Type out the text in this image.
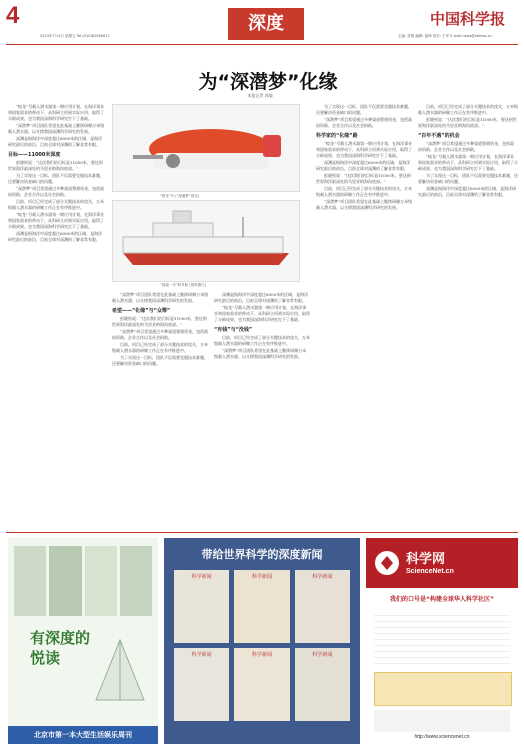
4
2014年7月4日 星期五 Tel:(010)62580617
深度	中国科学报
主编: 张明 编辑: 陆琦 校对: 王军 E-mail:news@stimes.cn
为“深潜梦”化缘
本报记者 郭瑜

“蛟龙”号载人潜水器第一期应用计划，在海洋事业和国家需求的带动下，从科研立项到实际应用，取得了丰硕成果，也为我国深海科学研究打下了基础。

“深潜梦”项目团队希望在此基础上继续研制万米级载人潜水器，以支撑我国深渊科学研究的发展。

深渊是指海洋中深度超过6000米的区域，是海洋研究最后的前沿，目前全球对深渊的了解非常有限。

目标——11000米深度

彭晓彤说：“这次我们的目标是11000米，要达到世界海洋最深处的马里亚纳海沟底部。”

为了实现这一目标，团队不仅需要克服技术难题，还要解决资金缺口的问题。

“深潜梦”项目希望通过多种渠道筹措资金，包括政府资助、企业合作以及社会捐助。

目前，项目已经完成了部分关键技术的攻关，万米级载人潜水器的研制工作正在有序推进中。

“蛟龙”号载人潜水器第一期应用计划，在海洋事业和国家需求的带动下，从科研立项到实际应用，取得了丰硕成果，也为我国深海科学研究打下了基础。

深渊是指海洋中深度超过6000米的区域，是海洋研究最后的前沿，目前全球对深渊的了解非常有限。

“蛟龙”号 (“深潜梦”项目)
“探索一号”科考船 (资料图片)

“深潜梦”项目团队希望在此基础上继续研制万米级载人潜水器，以支撑我国深渊科学研究的发展。

希望——“化缘”与“众筹”

彭晓彤说：“这次我们的目标是11000米，要达到世界海洋最深处的马里亚纳海沟底部。”

“深潜梦”项目希望通过多种渠道筹措资金，包括政府资助、企业合作以及社会捐助。

目前，项目已经完成了部分关键技术的攻关，万米级载人潜水器的研制工作正在有序推进中。

为了实现这一目标，团队不仅需要克服技术难题，还要解决资金缺口的问题。

深渊是指海洋中深度超过6000米的区域，是海洋研究最后的前沿，目前全球对深渊的了解非常有限。

“蛟龙”号载人潜水器第一期应用计划，在海洋事业和国家需求的带动下，从科研立项到实际应用，取得了丰硕成果，也为我国深海科学研究打下了基础。

“有钱”与“没钱”

目前，项目已经完成了部分关键技术的攻关，万米级载人潜水器的研制工作正在有序推进中。

“深潜梦”项目团队希望在此基础上继续研制万米级载人潜水器，以支撑我国深渊科学研究的发展。

为了实现这一目标，团队不仅需要克服技术难题，还要解决资金缺口的问题。

“深潜梦”项目希望通过多种渠道筹措资金，包括政府资助、企业合作以及社会捐助。

科学家的“化缘”路

“蛟龙”号载人潜水器第一期应用计划，在海洋事业和国家需求的带动下，从科研立项到实际应用，取得了丰硕成果，也为我国深海科学研究打下了基础。

深渊是指海洋中深度超过6000米的区域，是海洋研究最后的前沿，目前全球对深渊的了解非常有限。

彭晓彤说：“这次我们的目标是11000米，要达到世界海洋最深处的马里亚纳海沟底部。”

目前，项目已经完成了部分关键技术的攻关，万米级载人潜水器的研制工作正在有序推进中。

“深潜梦”项目团队希望在此基础上继续研制万米级载人潜水器，以支撑我国深渊科学研究的发展。

目前，项目已经完成了部分关键技术的攻关，万米级载人潜水器的研制工作正在有序推进中。

彭晓彤说：“这次我们的目标是11000米，要达到世界海洋最深处的马里亚纳海沟底部。”

“百年不遇”的机会

“深潜梦”项目希望通过多种渠道筹措资金，包括政府资助、企业合作以及社会捐助。

“蛟龙”号载人潜水器第一期应用计划，在海洋事业和国家需求的带动下，从科研立项到实际应用，取得了丰硕成果，也为我国深海科学研究打下了基础。

为了实现这一目标，团队不仅需要克服技术难题，还要解决资金缺口的问题。

深渊是指海洋中深度超过6000米的区域，是海洋研究最后的前沿，目前全球对深渊的了解非常有限。

有深度的悦读
北京市第一本大型生活娱乐周刊
带给世界科学的深度新闻
科学新闻	科学新闻	科学新闻
科学新闻	科学新闻	科学新闻
科学网
ScienceNet.cn
我们的口号是“构建全球华人科学社区”
http://www.sciencenet.cn
